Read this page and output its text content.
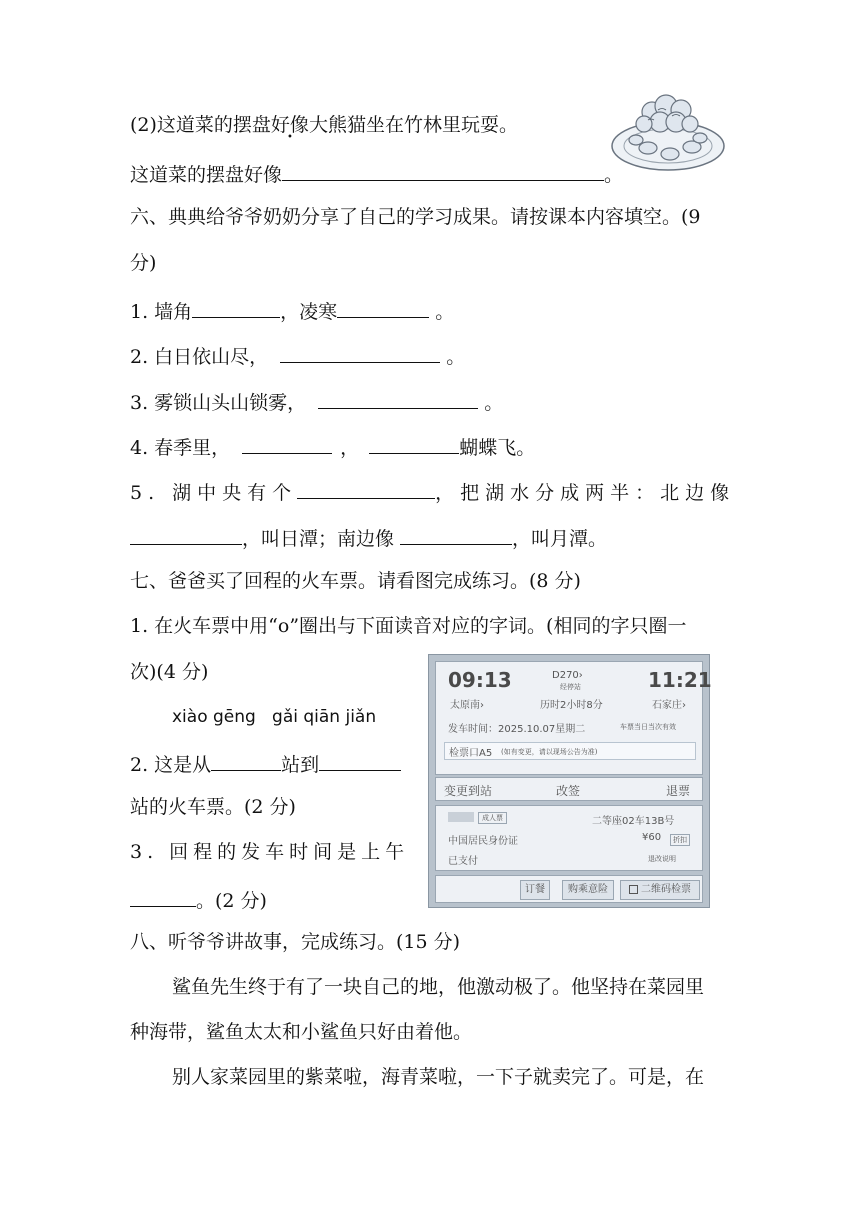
(2)这道菜的摆盘好像大熊猫坐在竹林里玩耍。
这道菜的摆盘好像	。
六、典典给爷爷奶奶分享了自己的学习成果。请按课本内容填空。(9
分)
1. 墙角	，凌寒	。
2. 白日依山尽，	。
3. 雾锁山头山锁雾，	。
4. 春季里，	，	蝴蝶飞。
5. 湖中央有个	，把湖水分成两半：北边像
，叫日潭；南边像	，叫月潭。
七、爸爸买了回程的火车票。请看图完成练习。(8 分)
1. 在火车票中用“o”圈出与下面读音对应的字词。(相同的字只圈一
次)(4 分)
xiào gēng   gǎi qiān jiǎn
2. 这是从	站到
站的火车票。(2 分)
3. 回程的发车时间是上午
。(2 分)
09:13	D270›
经停站	11:21
太原南›	历时2小时8分	石家庄›
发车时间：2025.10.07星期二	车票当日当次有效
检票口A5 (如有变更，请以现场公告为准)
变更到站	改签	退票
成人票	二等座02车13B号
中国居民身份证	¥60	折扣
已支付	退改说明
订餐	购乘意险	二维码检票
八、听爷爷讲故事，完成练习。(15 分)
鲨鱼先生终于有了一块自己的地，他激动极了。他坚持在菜园里
种海带，鲨鱼太太和小鲨鱼只好由着他。
别人家菜园里的紫菜啦，海青菜啦，一下子就卖完了。可是，在
